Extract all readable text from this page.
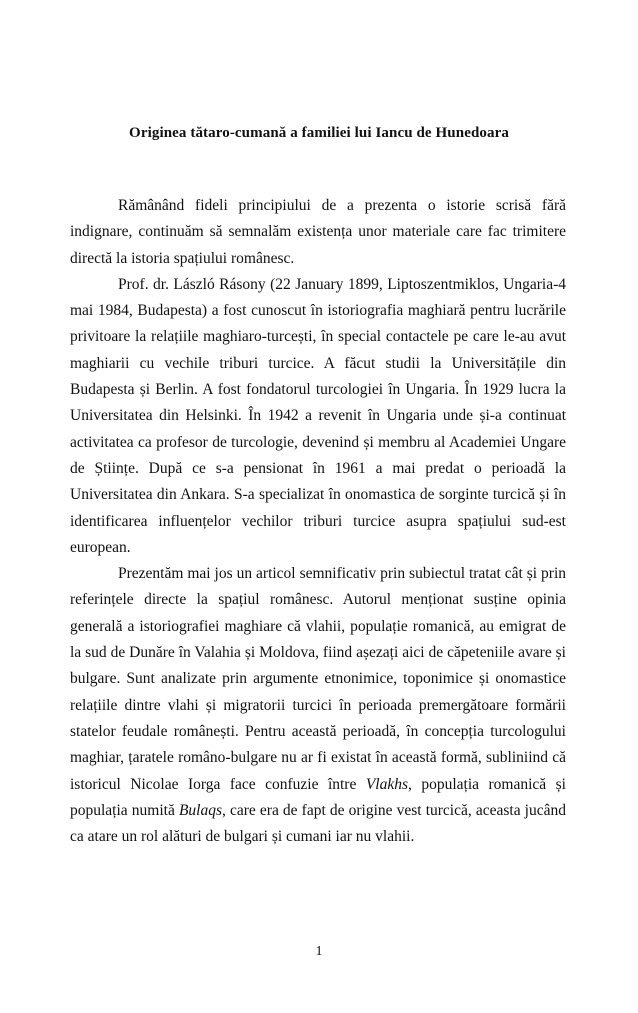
Originea tătaro-cumană a familiei lui Iancu de Hunedoara

Rămânând fideli principiului de a prezenta o istorie scrisă fără indignare, continuăm să semnalăm existența unor materiale care fac trimitere directă la istoria spațiului românesc.

Prof. dr. László Rásony (22 January 1899, Liptoszentmiklos, Ungaria-4 mai 1984, Budapesta) a fost cunoscut în istoriografia maghiară pentru lucrările privitoare la relațiile maghiaro-turcești, în special contactele pe care le-au avut maghiarii cu vechile triburi turcice. A făcut studii la Universitățile din Budapesta și Berlin. A fost fondatorul turcologiei în Ungaria. În 1929 lucra la Universitatea din Helsinki. În 1942 a revenit în Ungaria unde și-a continuat activitatea ca profesor de turcologie, devenind și membru al Academiei Ungare de Științe. După ce s-a pensionat în 1961 a mai predat o perioadă la Universitatea din Ankara. S-a specializat în onomastica de sorginte turcică și în identificarea influențelor vechilor triburi turcice asupra spațiului sud-est european.

Prezentăm mai jos un articol semnificativ prin subiectul tratat cât și prin referințele directe la spațiul românesc. Autorul menționat susține opinia generală a istoriografiei maghiare că vlahii, populație romanică, au emigrat de la sud de Dunăre în Valahia și Moldova, fiind așezați aici de căpeteniile avare și bulgare. Sunt analizate prin argumente etnonimice, toponimice și onomastice relațiile dintre vlahi și migratorii turcici în perioada premergătoare formării statelor feudale românești. Pentru această perioadă, în concepția turcologului maghiar, țaratele româno-bulgare nu ar fi existat în această formă, subliniind că istoricul Nicolae Iorga face confuzie între Vlakhs, populația romanică și populația numită Bulaqs, care era de fapt de origine vest turcică, aceasta jucând ca atare un rol alături de bulgari și cumani iar nu vlahii.

1
